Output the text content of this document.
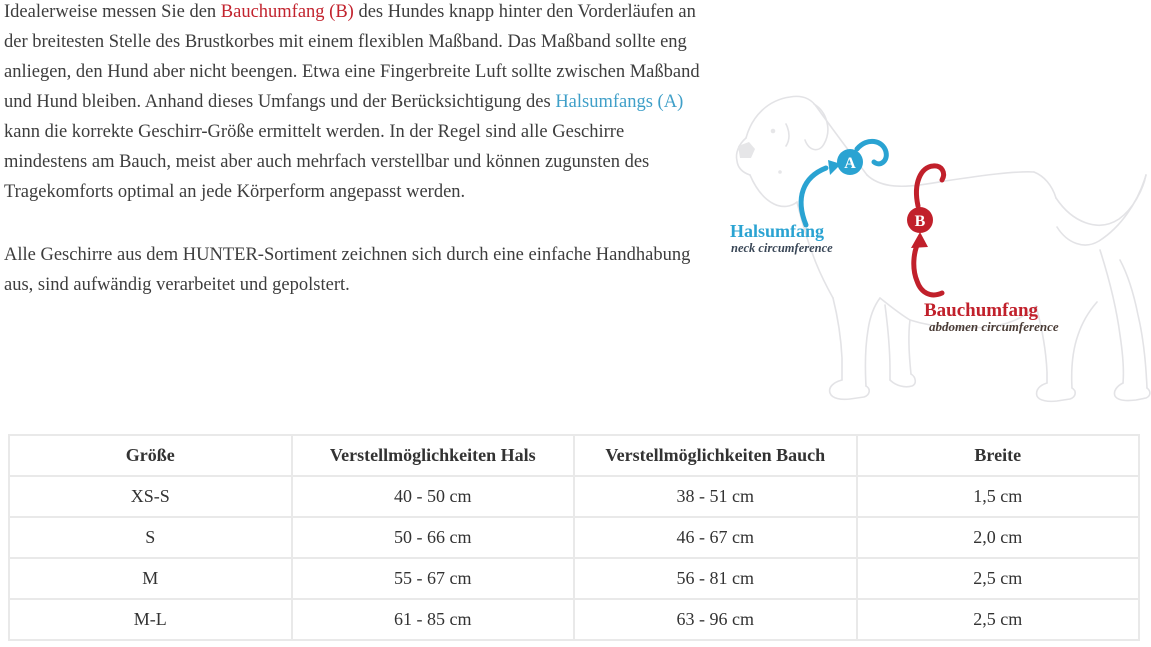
Idealerweise messen Sie den Bauchumfang (B) des Hundes knapp hinter den Vorderläufen an der breitesten Stelle des Brustkorbes mit einem flexiblen Maßband. Das Maßband sollte eng anliegen, den Hund aber nicht beengen. Etwa eine Fingerbreite Luft sollte zwischen Maßband und Hund bleiben. Anhand dieses Umfangs und der Berücksichtigung des Halsumfangs (A) kann die korrekte Geschirr-Größe ermittelt werden. In der Regel sind alle Geschirre mindestens am Bauch, meist aber auch mehrfach verstellbar und können zugunsten des Tragekomforts optimal an jede Körperform angepasst werden.

Alle Geschirre aus dem HUNTER-Sortiment zeichnen sich durch eine einfache Handhabung aus, sind aufwändig verarbeitet und gepolstert.

A
B
Halsumfang
neck circumference
Bauchumfang
abdomen circumference
Größe	Verstellmöglichkeiten Hals	Verstellmöglichkeiten Bauch	Breite
XS-S	40 - 50 cm	38 - 51 cm	1,5 cm
S	50 - 66 cm	46 - 67 cm	2,0 cm
M	55 - 67 cm	56 - 81 cm	2,5 cm
M-L	61 - 85 cm	63 - 96 cm	2,5 cm
